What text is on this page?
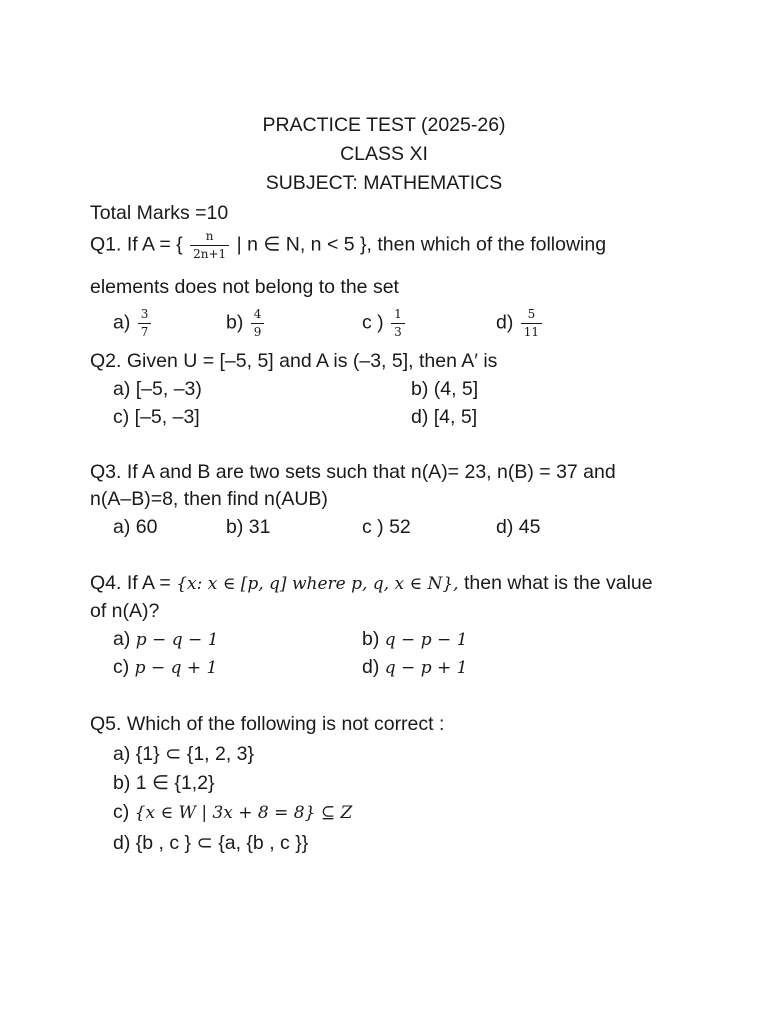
PRACTICE TEST (2025-26)
CLASS XI
SUBJECT: MATHEMATICS
Total Marks =10
Q1. If A = { $\frac{n}{2n+1}$ | n ∈ N, n < 5 }, then which of the following
elements does not belong to the set
$a) \frac{3}{7}$	$b) \frac{4}{9}$	c ) $\frac{1}{3}$	$d) \frac{5}{11}$
Q2. Given U = [–5, 5] and A is (–3, 5], then A′ is
a) [–5, –3)	b) (4, 5]
c) [–5, –3]	d) [4, 5]
Q3. If A and B are two sets such that n(A)= 23, n(B) = 37 and
n(A–B)=8, then find n(AUB)
a) 60	b) 31	c ) 52	d) 45
Q4. If A = {x: x ∈ [p, q] where p, q, x ∈ N}, then what is the value
of n(A)?
a) p − q − 1	b) q − p − 1
c) p − q + 1	d) q − p + 1
Q5. Which of the following is not correct :
a) {1} ⊂ {1, 2, 3}
b) 1 ∈ {1,2}
c) {x ∈ W | 3x + 8 = 8} ⊆ Z
d) {b , c } ⊂ {a, {b , c }}
